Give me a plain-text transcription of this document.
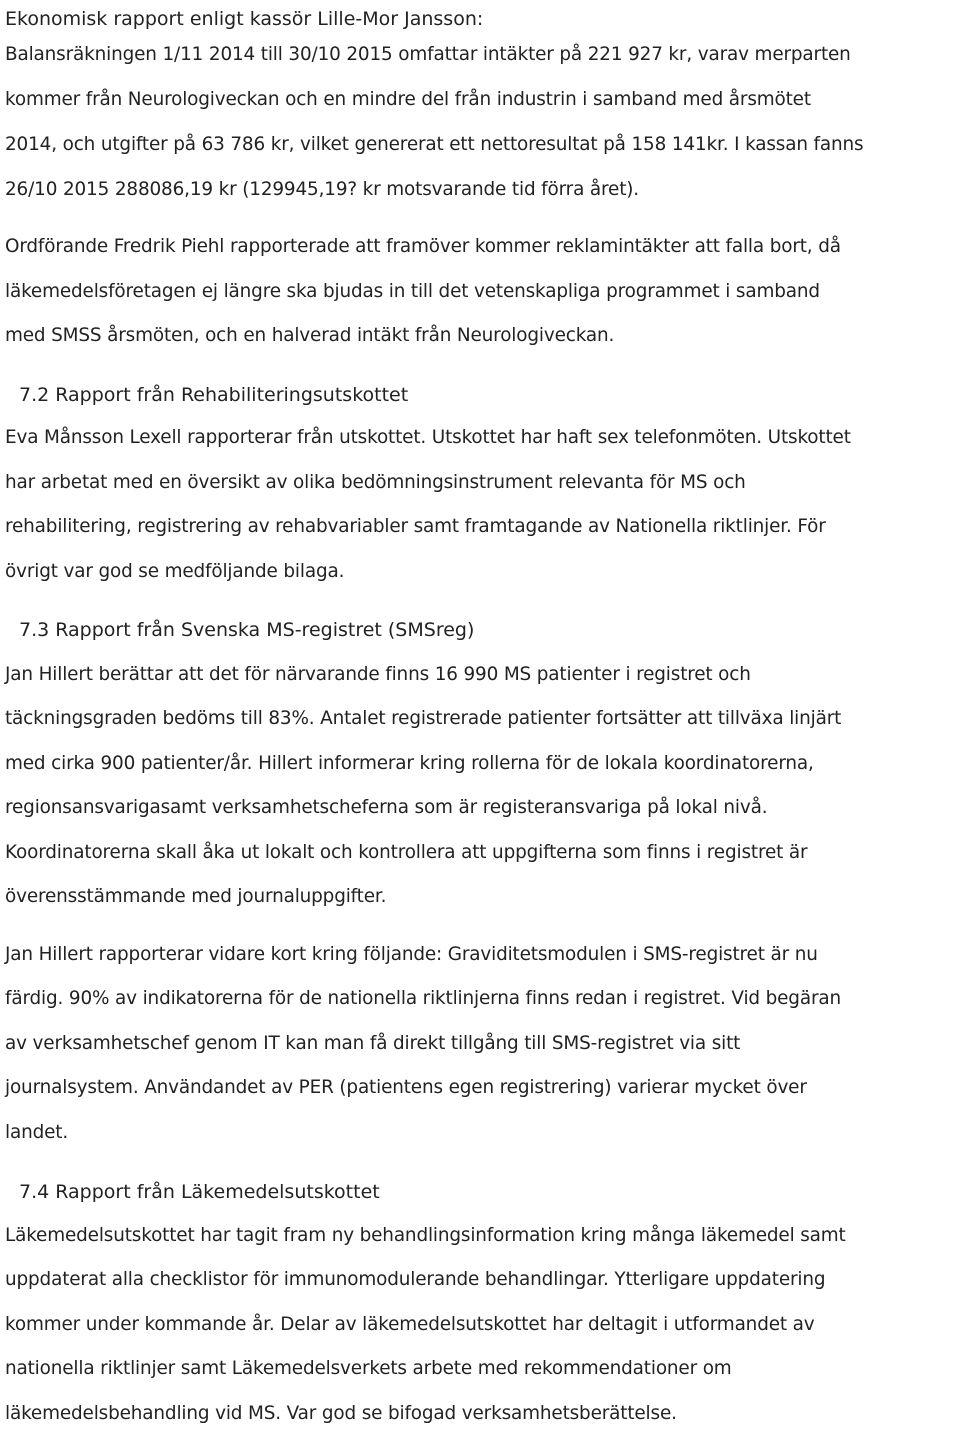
Ekonomisk rapport enligt kassör Lille-Mor Jansson:
Balansräkningen 1/11 2014 till 30/10 2015 omfattar intäkter på 221 927 kr, varav merparten
kommer från Neurologiveckan och en mindre del från industrin i samband med årsmötet
2014, och utgifter på 63 786 kr, vilket genererat ett nettoresultat på 158 141kr. I kassan fanns
26/10 2015 288086,19 kr (129945,19? kr motsvarande tid förra året).
Ordförande Fredrik Piehl rapporterade att framöver kommer reklamintäkter att falla bort, då
läkemedelsföretagen ej längre ska bjudas in till det vetenskapliga programmet i samband
med SMSS årsmöten, och en halverad intäkt från Neurologiveckan.
7.2 Rapport från Rehabiliteringsutskottet
Eva Månsson Lexell rapporterar från utskottet. Utskottet har haft sex telefonmöten. Utskottet
har arbetat med en översikt av olika bedömningsinstrument relevanta för MS och
rehabilitering, registrering av rehabvariabler samt framtagande av Nationella riktlinjer. För
övrigt var god se medföljande bilaga.
7.3 Rapport från Svenska MS-registret (SMSreg)
Jan Hillert berättar att det för närvarande finns 16 990 MS patienter i registret och
täckningsgraden bedöms till 83%. Antalet registrerade patienter fortsätter att tillväxa linjärt
med cirka 900 patienter/år. Hillert informerar kring rollerna för de lokala koordinatorerna,
regionsansvarigasamt verksamhetscheferna som är registeransvariga på lokal nivå.
Koordinatorerna skall åka ut lokalt och kontrollera att uppgifterna som finns i registret är
överensstämmande med journaluppgifter.
Jan Hillert rapporterar vidare kort kring följande: Graviditetsmodulen i SMS-registret är nu
färdig. 90% av indikatorerna för de nationella riktlinjerna finns redan i registret. Vid begäran
av verksamhetschef genom IT kan man få direkt tillgång till SMS-registret via sitt
journalsystem. Användandet av PER (patientens egen registrering) varierar mycket över
landet.
7.4 Rapport från Läkemedelsutskottet
Läkemedelsutskottet har tagit fram ny behandlingsinformation kring många läkemedel samt
uppdaterat alla checklistor för immunomodulerande behandlingar. Ytterligare uppdatering
kommer under kommande år. Delar av läkemedelsutskottet har deltagit i utformandet av
nationella riktlinjer samt Läkemedelsverkets arbete med rekommendationer om
läkemedelsbehandling vid MS. Var god se bifogad verksamhetsberättelse.
